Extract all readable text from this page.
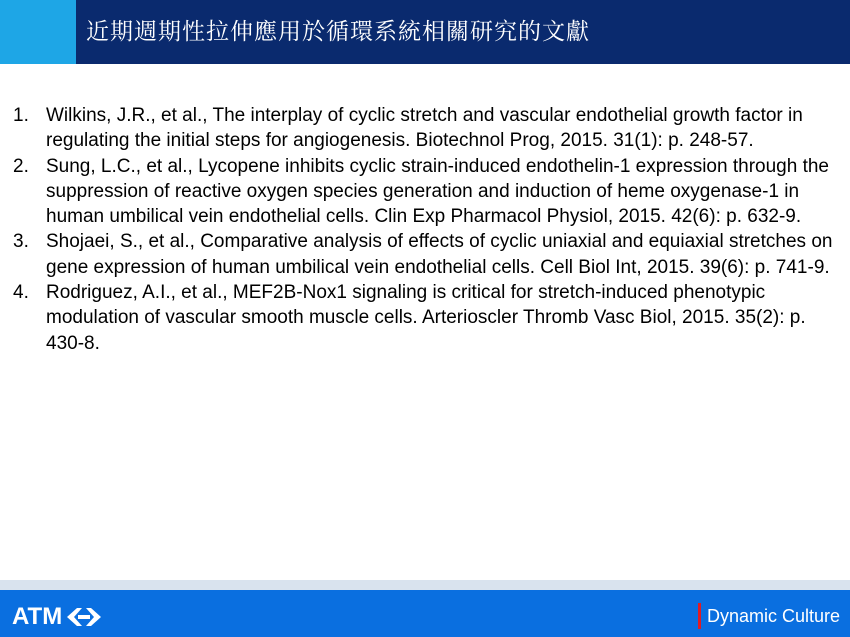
近期週期性拉伸應用於循環系統相關研究的文獻
1. Wilkins, J.R., et al., The interplay of cyclic stretch and vascular endothelial growth factor in regulating the initial steps for angiogenesis. Biotechnol Prog, 2015. 31(1): p. 248-57.
2. Sung, L.C., et al., Lycopene inhibits cyclic strain-induced endothelin-1 expression through the suppression of reactive oxygen species generation and induction of heme oxygenase-1 in human umbilical vein endothelial cells. Clin Exp Pharmacol Physiol, 2015. 42(6): p. 632-9.
3. Shojaei, S., et al., Comparative analysis of effects of cyclic uniaxial and equiaxial stretches on gene expression of human umbilical vein endothelial cells. Cell Biol Int, 2015. 39(6): p. 741-9.
4. Rodriguez, A.I., et al., MEF2B-Nox1 signaling is critical for stretch-induced phenotypic modulation of vascular smooth muscle cells. Arterioscler Thromb Vasc Biol, 2015. 35(2): p. 430-8.
ATM	Dynamic Culture
